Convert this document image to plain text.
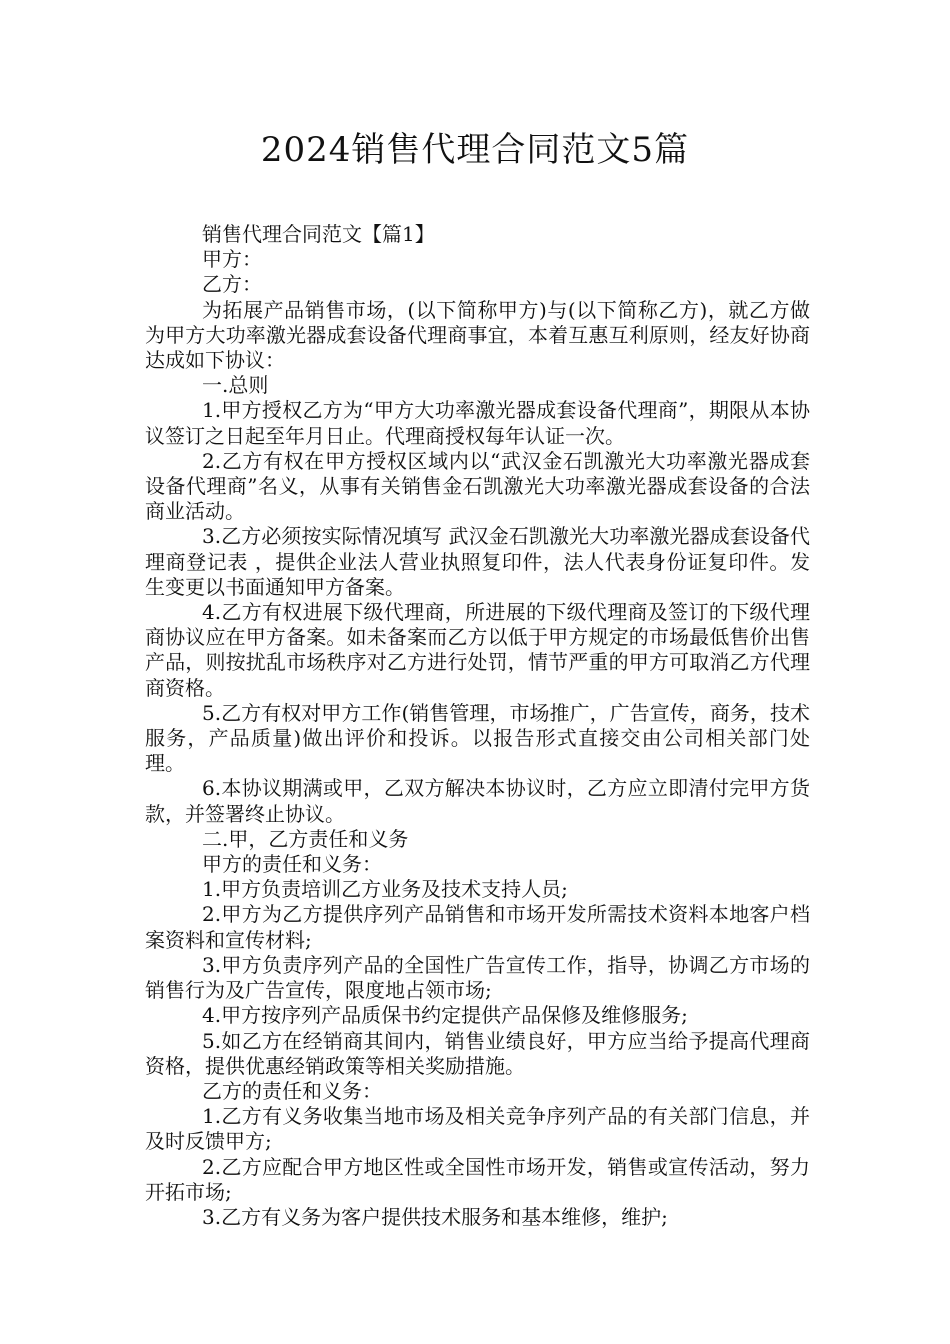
2024销售代理合同范文5篇

销售代理合同范文【篇1】

甲方：

乙方：

为拓展产品销售市场，(以下简称甲方)与(以下简称乙方)，就乙方做为甲方大功率激光器成套设备代理商事宜，本着互惠互利原则，经友好协商达成如下协议：

一.总则

1.甲方授权乙方为“甲方大功率激光器成套设备代理商”，期限从本协议签订之日起至年月日止。代理商授权每年认证一次。

2.乙方有权在甲方授权区域内以“武汉金石凯激光大功率激光器成套设备代理商”名义，从事有关销售金石凯激光大功率激光器成套设备的合法商业活动。

3.乙方必须按实际情况填写 武汉金石凯激光大功率激光器成套设备代理商登记表 ，提供企业法人营业执照复印件，法人代表身份证复印件。发生变更以书面通知甲方备案。

4.乙方有权进展下级代理商，所进展的下级代理商及签订的下级代理商协议应在甲方备案。如未备案而乙方以低于甲方规定的市场最低售价出售产品，则按扰乱市场秩序对乙方进行处罚，情节严重的甲方可取消乙方代理商资格。

5.乙方有权对甲方工作(销售管理，市场推广，广告宣传，商务，技术服务，产品质量)做出评价和投诉。以报告形式直接交由公司相关部门处理。

6.本协议期满或甲，乙双方解决本协议时，乙方应立即清付完甲方货款，并签署终止协议。

二.甲，乙方责任和义务

甲方的责任和义务：

1.甲方负责培训乙方业务及技术支持人员;

2.甲方为乙方提供序列产品销售和市场开发所需技术资料本地客户档案资料和宣传材料;

3.甲方负责序列产品的全国性广告宣传工作，指导，协调乙方市场的销售行为及广告宣传，限度地占领市场;

4.甲方按序列产品质保书约定提供产品保修及维修服务;

5.如乙方在经销商其间内，销售业绩良好，甲方应当给予提高代理商资格，提供优惠经销政策等相关奖励措施。

乙方的责任和义务：

1.乙方有义务收集当地市场及相关竞争序列产品的有关部门信息，并及时反馈甲方;

2.乙方应配合甲方地区性或全国性市场开发，销售或宣传活动，努力开拓市场;

3.乙方有义务为客户提供技术服务和基本维修，维护;
